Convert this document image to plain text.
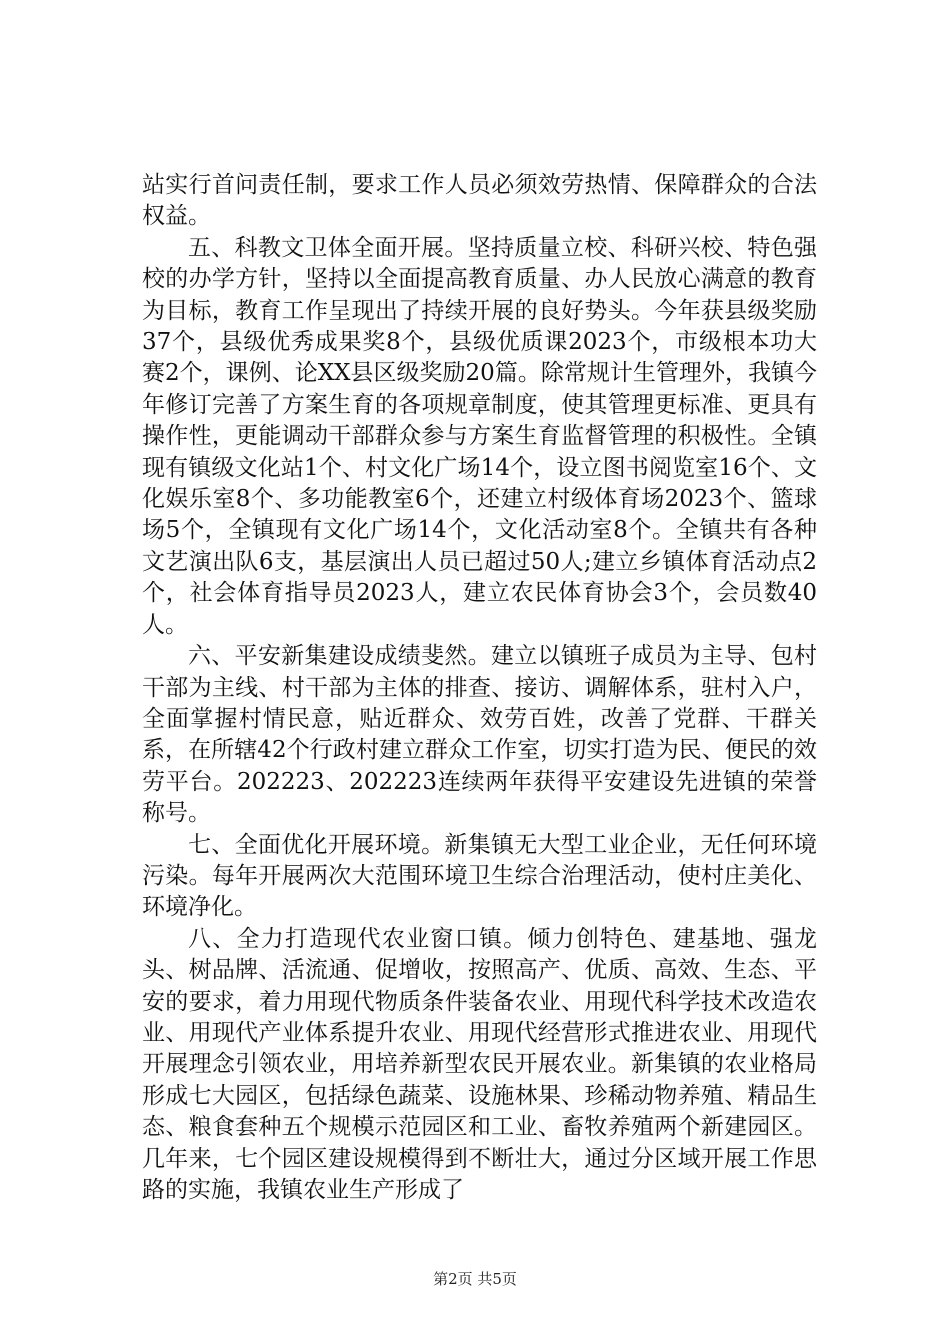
站实行首问责任制，要求工作人员必须效劳热情、保障群众的合法权益。

五、科教文卫体全面开展。坚持质量立校、科研兴校、特色强校的办学方针，坚持以全面提高教育质量、办人民放心满意的教育为目标，教育工作呈现出了持续开展的良好势头。今年获县级奖励37个，县级优秀成果奖8个，县级优质课2023个，市级根本功大赛2个，课例、论XX县区级奖励20篇。除常规计生管理外，我镇今年修订完善了方案生育的各项规章制度，使其管理更标准、更具有操作性，更能调动干部群众参与方案生育监督管理的积极性。全镇现有镇级文化站1个、村文化广场14个，设立图书阅览室16个、文化娱乐室8个、多功能教室6个，还建立村级体育场2023个、篮球场5个，全镇现有文化广场14个，文化活动室8个。全镇共有各种文艺演出队6支，基层演出人员已超过50人;建立乡镇体育活动点2个，社会体育指导员2023人，建立农民体育协会3个，会员数40人。

六、平安新集建设成绩斐然。建立以镇班子成员为主导、包村干部为主线、村干部为主体的排查、接访、调解体系，驻村入户，全面掌握村情民意，贴近群众、效劳百姓，改善了党群、干群关系，在所辖42个行政村建立群众工作室，切实打造为民、便民的效劳平台。202223、202223连续两年获得平安建设先进镇的荣誉称号。

七、全面优化开展环境。新集镇无大型工业企业，无任何环境污染。每年开展两次大范围环境卫生综合治理活动，使村庄美化、环境净化。

八、全力打造现代农业窗口镇。倾力创特色、建基地、强龙头、树品牌、活流通、促增收，按照高产、优质、高效、生态、平安的要求，着力用现代物质条件装备农业、用现代科学技术改造农业、用现代产业体系提升农业、用现代经营形式推进农业、用现代开展理念引领农业，用培养新型农民开展农业。新集镇的农业格局形成七大园区，包括绿色蔬菜、设施林果、珍稀动物养殖、精品生态、粮食套种五个规模示范园区和工业、畜牧养殖两个新建园区。几年来，七个园区建设规模得到不断壮大，通过分区域开展工作思路的实施，我镇农业生产形成了

第2页 共5页
